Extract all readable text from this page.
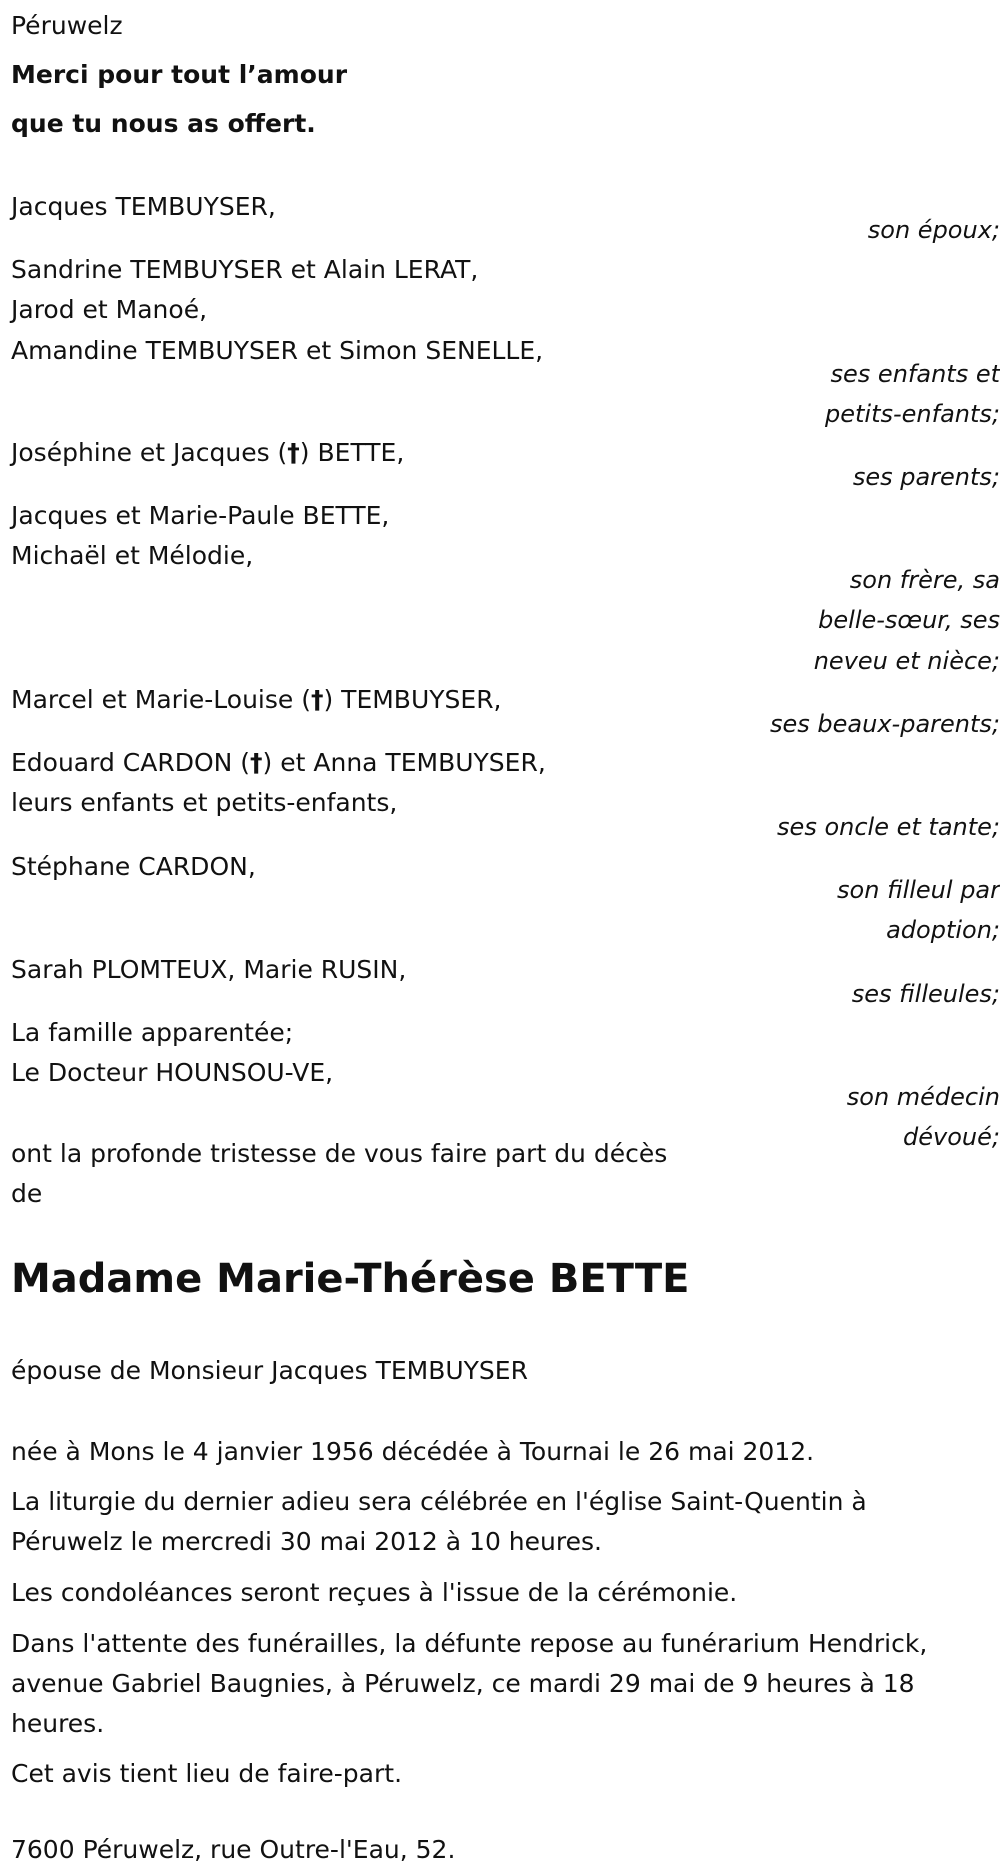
Péruwelz
Merci pour tout l’amour
que tu nous as offert.
Jacques TEMBUYSER,
son époux;
Sandrine TEMBUYSER et Alain LERAT,
Jarod et Manoé,
Amandine TEMBUYSER et Simon SENELLE,
ses enfants et
petits-enfants;
Joséphine et Jacques (†) BETTE,
ses parents;
Jacques et Marie-Paule BETTE,
Michaël et Mélodie,
son frère, sa
belle-sœur, ses
neveu et nièce;
Marcel et Marie-Louise (†) TEMBUYSER,
ses beaux-parents;
Edouard CARDON (†) et Anna TEMBUYSER,
leurs enfants et petits-enfants,
ses oncle et tante;
Stéphane CARDON,
son filleul par
adoption;
Sarah PLOMTEUX, Marie RUSIN,
ses filleules;
La famille apparentée;
Le Docteur HOUNSOU-VE,
son médecin
dévoué;
ont la profonde tristesse de vous faire part du décès
de
Madame Marie-Thérèse BETTE
épouse de Monsieur Jacques TEMBUYSER
née à Mons le 4 janvier 1956 décédée à Tournai le 26 mai 2012.
La liturgie du dernier adieu sera célébrée en l'église Saint-Quentin à
Péruwelz le mercredi 30 mai 2012 à 10 heures.
Les condoléances seront reçues à l'issue de la cérémonie.
Dans l'attente des funérailles, la défunte repose au funérarium Hendrick,
avenue Gabriel Baugnies, à Péruwelz, ce mardi 29 mai de 9 heures à 18
heures.
Cet avis tient lieu de faire-part.
7600 Péruwelz, rue Outre-l'Eau, 52.
